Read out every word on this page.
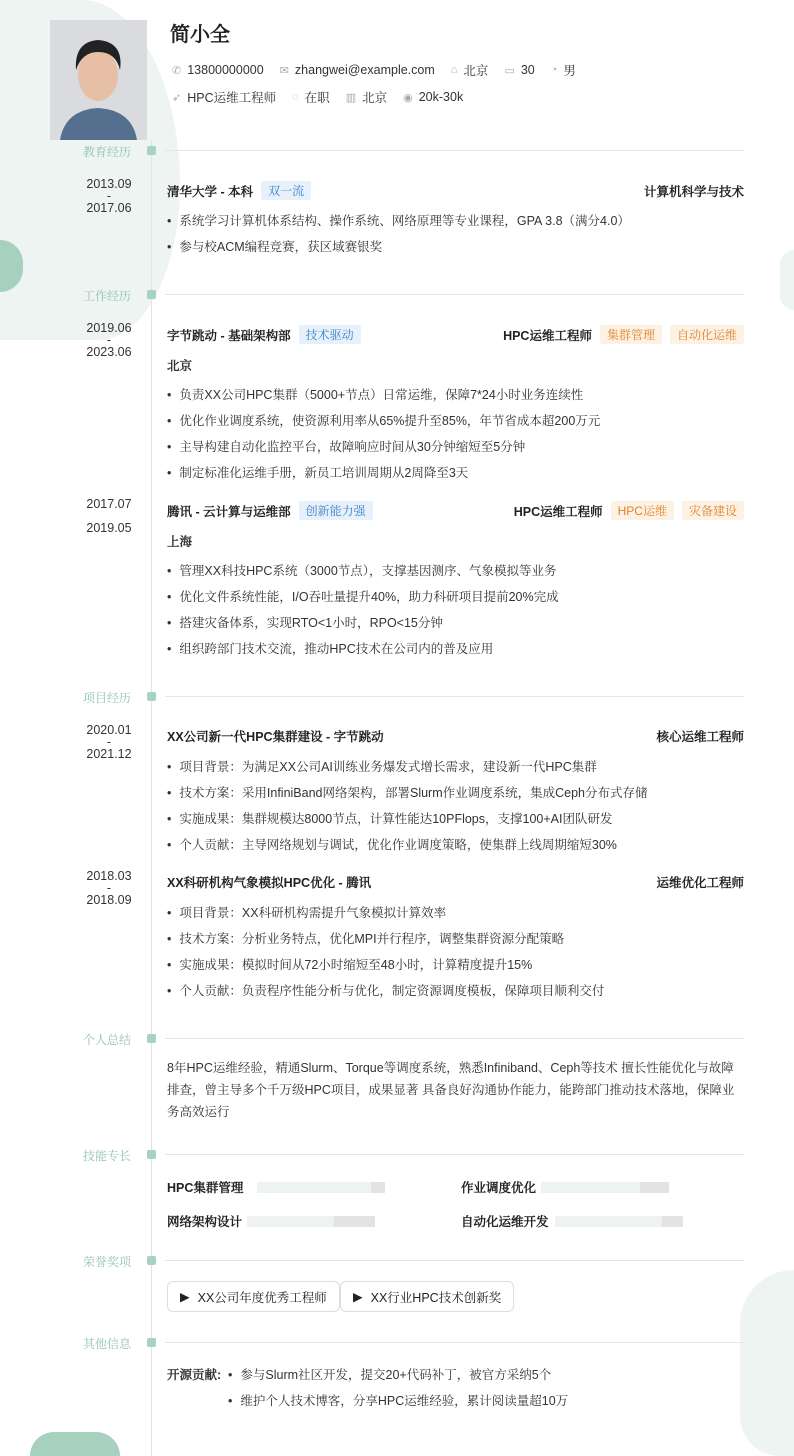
简小全
✆ 13800000000 ✉ zhangwei@example.com ⌂ 北京 ▭ 30 ◔ 男
➶ HPC运维工程师 ◌ 在职 ▥ 北京 ◉ 20k-30k
教育经历
工作经历
项目经历
个人总结
技能专长
荣誉奖项
其他信息
2013.09
-
2017.06
清华大学 - 本科	双一流	计算机科学与技术
• 系统学习计算机体系结构、操作系统、网络原理等专业课程，GPA 3.8（满分4.0）
• 参与校ACM编程竞赛，获区域赛银奖
2019.06
-
2023.06
字节跳动 - 基础架构部	技术驱动	HPC运维工程师	集群管理	自动化运维
北京
• 负责XX公司HPC集群（5000+节点）日常运维，保障7*24小时业务连续性
• 优化作业调度系统，使资源利用率从65%提升至85%，年节省成本超200万元
• 主导构建自动化监控平台，故障响应时间从30分钟缩短至5分钟
• 制定标准化运维手册，新员工培训周期从2周降至3天
2017.07
2019.05
腾讯 - 云计算与运维部	创新能力强	HPC运维工程师	HPC运维	灾备建设
上海
• 管理XX科技HPC系统（3000节点），支撑基因测序、气象模拟等业务
• 优化文件系统性能，I/O吞吐量提升40%，助力科研项目提前20%完成
• 搭建灾备体系，实现RTO<1小时，RPO<15分钟
• 组织跨部门技术交流，推动HPC技术在公司内的普及应用
2020.01
-
2021.12
XX公司新一代HPC集群建设 - 字节跳动	核心运维工程师
• 项目背景：为满足XX公司AI训练业务爆发式增长需求，建设新一代HPC集群
• 技术方案：采用InfiniBand网络架构，部署Slurm作业调度系统，集成Ceph分布式存储
• 实施成果：集群规模达8000节点，计算性能达10PFlops，支撑100+AI团队研发
• 个人贡献：主导网络规划与调试，优化作业调度策略，使集群上线周期缩短30%
2018.03
-
2018.09
XX科研机构气象模拟HPC优化 - 腾讯	运维优化工程师
• 项目背景：XX科研机构需提升气象模拟计算效率
• 技术方案：分析业务特点，优化MPI并行程序，调整集群资源分配策略
• 实施成果：模拟时间从72小时缩短至48小时，计算精度提升15%
• 个人贡献：负责程序性能分析与优化，制定资源调度模板，保障项目顺利交付
8年HPC运维经验，精通Slurm、Torque等调度系统，熟悉Infiniband、Ceph等技术 擅长性能优化与故障排查，曾主导多个千万级HPC项目，成果显著 具备良好沟通协作能力，能跨部门推动技术落地，保障业务高效运行
HPC集群管理	作业调度优化
网络架构设计	自动化运维开发
▶ XX公司年度优秀工程师 ▶ XX行业HPC技术创新奖
开源贡献:	• 参与Slurm社区开发，提交20+代码补丁，被官方采纳5个
• 维护个人技术博客，分享HPC运维经验，累计阅读量超10万
